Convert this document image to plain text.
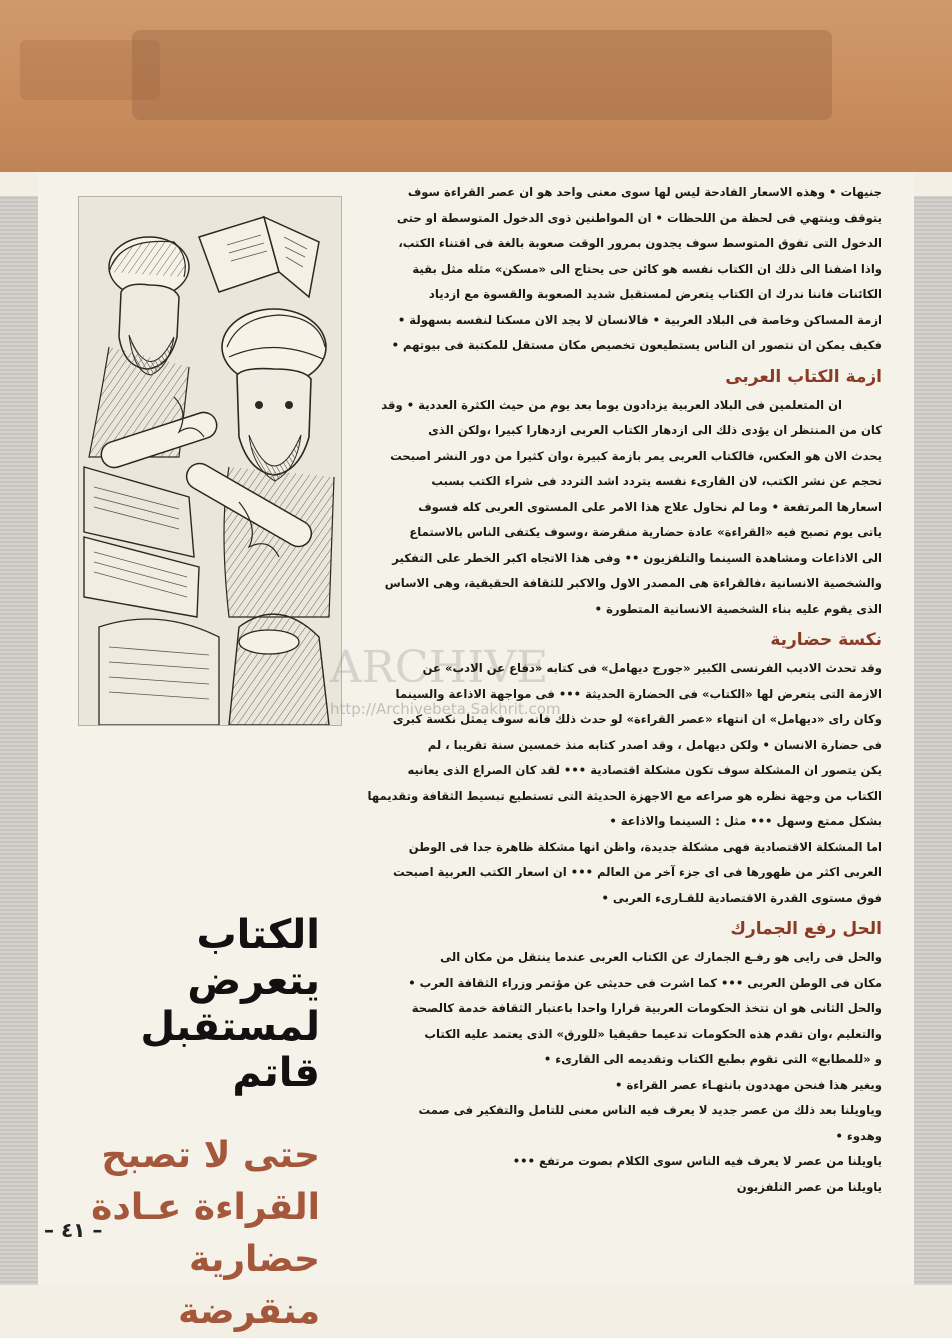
ARCHIVE
http://Archivebeta.Sakhrit.com

جنيهات • وهذه الاسعار الفادحة ليس لها سوى معنى واحد هو ان عصر القراءة سوف
يتوقف وينتهي فى لحظة من اللحظات • ان المواطنين ذوى الدخول المتوسطة او حتى
الدخول التى تفوق المتوسط سوف يجدون بمرور الوقت صعوبة بالغة فى اقتناء الكتب،
واذا اضفنا الى ذلك ان الكتاب نفسه هو كائن حى يحتاج الى «مسكن» مثله مثل بقية
الكائنات فاننا ندرك ان الكتاب يتعرض لمستقبل شديد الصعوبة والقسوة مع ازدياد
ازمة المساكن وخاصة فى البلاد العربية • فالانسان لا يجد الان مسكنا لنفسه بسهولة •
فكيف يمكن ان نتصور ان الناس يستطيعون تخصيص مكان مستقل للمكتبة فى بيوتهم •

ازمة الكتاب العربى

ان المتعلمين فى البلاد العربية يزدادون يوما بعد يوم من حيث الكثرة العددية • وقد
كان من المنتظر ان يؤدى ذلك الى ازدهار الكتاب العربى ازدهارا كبيرا ،ولكن الذى
يحدث الان هو العكس، فالكتاب العربى يمر بازمة كبيرة ،وان كثيرا من دور النشر اصبحت
تحجم عن نشر الكتب، لان القارىء نفسه يتردد اشد التردد فى شراء الكتب بسبب
اسعارها المرتفعة • وما لم نحاول علاج هذا الامر على المستوى العربى كله فسوف
ياتى يوم تصبح فيه «القراءة» عادة حضارية منقرضة ،وسوف يكتفى الناس بالاستماع
الى الاذاعات ومشاهدة السينما والتلفزيون •• وفى هذا الاتجاه اكبر الخطر على التفكير
والشخصية الانسانية ،فالقراءة هى المصدر الاول والاكبر للثقافة الحقيقية، وهى الاساس
الذى يقوم عليه بناء الشخصية الانسانية المتطورة •

نكسة حضارية

وقد تحدث الاديب الفرنسى الكبير «جورج ديهامل» فى كتابه «دفاع عن الادب» عن
الازمة التى يتعرض لها «الكتاب» فى الحضارة الحديثة ••• فى مواجهة الاذاعة والسينما
وكان راى «ديهامل» ان انتهاء «عصر القراءة» لو حدث ذلك فانه سوف يمثل نكسة كبرى
فى حضارة الانسان • ولكن ديهامل ، وقد اصدر كتابه منذ خمسين سنة تقريبا ، لم
يكن يتصور ان المشكلة سوف تكون مشكلة اقتصادية ••• لقد كان الصراع الذى يعانيه
الكتاب من وجهة نظره هو صراعه مع الاجهزة الحديثة التى تستطيع تبسيط الثقافة وتقديمها
بشكل ممتع وسهل ••• مثل : السينما والاذاعة •
اما المشكلة الاقتصادية فهى مشكلة جديدة، واظن انها مشكلة ظاهرة جدا فى الوطن
العربى اكثر من ظهورها فى اى جزء آخر من العالم ••• ان اسعار الكتب العربية اصبحت
فوق مستوى القدرة الاقتصادية للقـارىء العربى •

الحل رفع الجمارك

والحل فى رايى هو رفـع الجمارك عن الكتاب العربى عندما ينتقل من مكان الى
مكان فى الوطن العربى ••• كما اشرت فى حديثى عن مؤتمر وزراء الثقافة العرب •
والحل الثانى هو ان تتخذ الحكومات العربية قرارا واحدا باعتبار الثقافة خدمة كالصحة
والتعليم ،وان تقدم هذه الحكومات تدعيما حقيقيا «للورق» الذى يعتمد عليه الكتاب
و «للمطابع» التى تقوم بطبع الكتاب وتقديمه الى القارىء •
ويغير هذا فنحن مهددون بانتهـاء عصر القراءة •
وياويلنا بعد ذلك من عصر جديد لا يعرف فيه الناس معنى للتامل والتفكير فى صمت
وهدوء •
ياويلنا من عصر لا يعرف فيه الناس سوى الكلام بصوت مرتفع •••
ياويلنا من عصر التلفزيون

الكتاب يتعرض
لمستقبل قاتم
حتى لا تصبح
القراءة عـادة
حضارية منقرضة
– ٤١ –
